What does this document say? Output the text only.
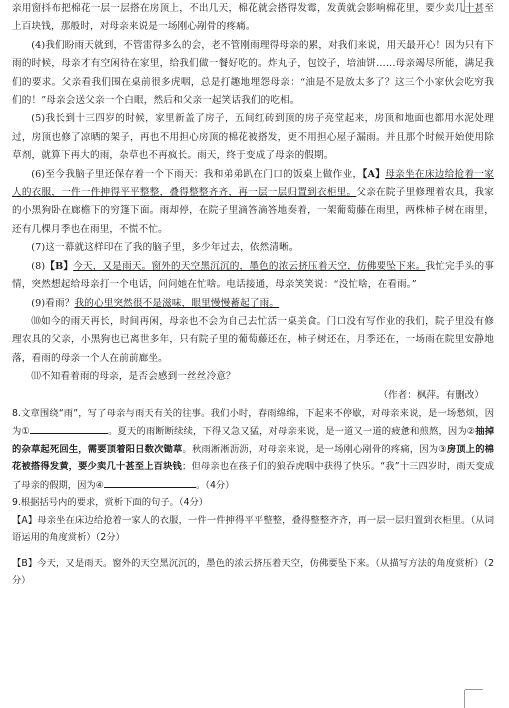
亲用窗抖布把棉花一层一层搭在房顶上，不出几天，棉花就会搭得发霉，发黄就会影响棉花里，要少卖几十甚至上百块钱，那般时，对母亲来说是一场刚心剐骨的疼痛。

(4)我们盼雨天就到，不管雷得多么的会，老不管刚雨理得母亲的累，对我们来说，用天最开心！因为只有下雨的时候，母亲才有空闲待在家里，给我们做一餐好吃的。炸丸子，包饺子，培油饼……母亲竭尽所能，满足我们的要求。父亲看我们围在桌前很多虎咽，总是打趣地埋怨母亲：“油是不是放太多了？这三个小家伙会吃穷我们的！”母亲会送父亲一个白眼，然后和父亲一起笑话我们的吃相。

(5)我长到十三四岁的时候，家里新盖了房子，五间红砖到顶的房子亮堂起来，房顶和地面也都用水泥处理过，房顶也修了凉晒的架子，再也不用担心房顶的棉花被搭发，更不用担心屋子漏雨。并且那个时候开始使用除草剂，就算下再大的雨，杂草也不再疯长。雨天，终于变成了母亲的假期。

(6)至今我脑子里还保存着一个下雨天：我和弟弟趴在门口的饭桌上做作业，【A】母亲坐在床边给抢着一家人的衣服，一件一件抻得平平整整，叠得整整齐齐，再一层一层归置到衣柜里。父亲在院子里修理着农具，我家的小黑狗卧在廊檐下的穷篷下面。雨却停，在院子里滴答滴答地奏着，一架葡萄藤在雨里，两株柿子树在雨里，还有几棵月季也在雨里，不慌不忙。

(7)这一幕就这样印在了我的脑子里，多少年过去，依然清晰。

(8)【B】今天，又是雨天。窗外的天空黑沉沉的，墨色的浓云挤压着天空，仿佛要坠下来。我忙完手头的事情，突然想起给母亲打一个电话，问问她在忙啥。电话接通，母亲笑笑说：“没忙啥，在看雨。”

(9)看雨？我的心里突然很不是滋味，眼里慢慢蓄起了雨。

⑽如今的雨天再长，时间再闲，母亲也不会为自己去忙活一桌美食。门口没有写作业的我们，院子里没有修理农具的父亲，小黑狗也已离世多年，只有院子里的葡萄藤还在，柿子树还在，月季还在，一场雨在院里安静地落，看雨的母亲一个人在前前廊坐。

⑾不知看着雨的母亲，是否会感到一丝丝冷意？

（作者：枫萍。有删改）

8.文章围绕“雨”，写了母亲与雨天有关的往事。我们小时，春雨绵绵，下起来不停歇，对母亲来说，是一场愁烦，因为①	。夏天的雨断断续续，下得又急又猛，对母亲来说，是一道又一道的疲惫和煎熬，因为②抽掉的杂草起死回生，需要顶着阳日数次锄草。秋雨淅淅沥沥，对母亲来说，是一场刚心剐骨的疼痛，因为③房顶上的棉花被搭得发黄，要少卖几十甚至上百块钱；但母亲也在孩子们的狼吞虎咽中获得了快乐。“我”十三四岁时，雨天变成了母亲的假期，因为④	。（4分）

9.根据括号内的要求，赏析下面的句子。（4分）

【A】母亲坐在床边给抢着一家人的衣服，一件一件抻得平平整整，叠得整整齐齐，再一层一层归置到衣柜里。（从词语运用的角度赏析）（2分）

【B】今天，又是雨天。窗外的天空黑沉沉的，墨色的浓云挤压着天空，仿佛要坠下来。（从描写方法的角度赏析）（2分）
